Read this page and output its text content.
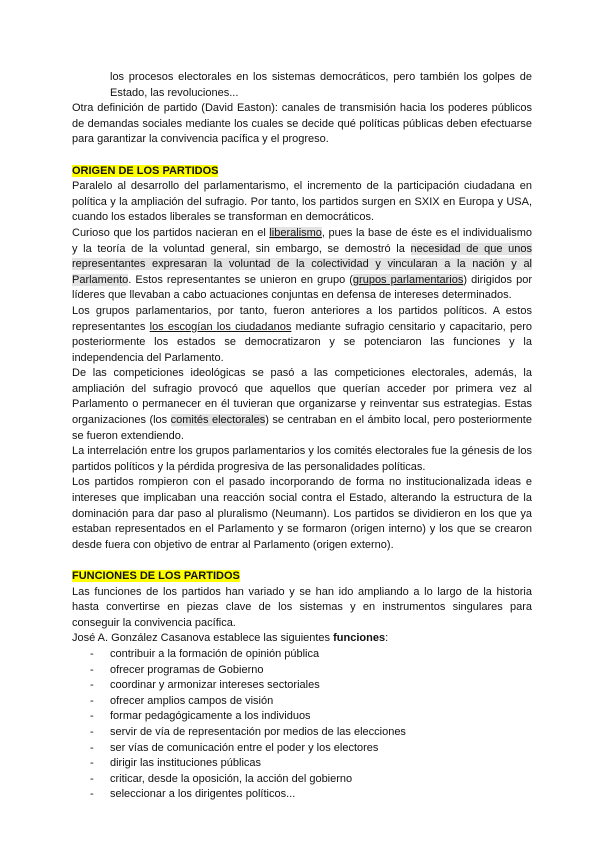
los procesos electorales en los sistemas democráticos, pero también los golpes de Estado, las revoluciones...

Otra definición de partido (David Easton): canales de transmisión hacia los poderes públicos de demandas sociales mediante los cuales se decide qué políticas públicas deben efectuarse para garantizar la convivencia pacífica y el progreso.

ORIGEN DE LOS PARTIDOS

Paralelo al desarrollo del parlamentarismo, el incremento de la participación ciudadana en política y la ampliación del sufragio. Por tanto, los partidos surgen en SXIX en Europa y USA, cuando los estados liberales se transforman en democráticos.

Curioso que los partidos nacieran en el liberalismo, pues la base de éste es el individualismo y la teoría de la voluntad general, sin embargo, se demostró la necesidad de que unos representantes expresaran la voluntad de la colectividad y vincularan a la nación y al Parlamento. Estos representantes se unieron en grupo (grupos parlamentarios) dirigidos por líderes que llevaban a cabo actuaciones conjuntas en defensa de intereses determinados.

Los grupos parlamentarios, por tanto, fueron anteriores a los partidos políticos. A estos representantes los escogían los ciudadanos mediante sufragio censitario y capacitario, pero posteriormente los estados se democratizaron y se potenciaron las funciones y la independencia del Parlamento.

De las competiciones ideológicas se pasó a las competiciones electorales, además, la ampliación del sufragio provocó que aquellos que querían acceder por primera vez al Parlamento o permanecer en él tuvieran que organizarse y reinventar sus estrategias. Estas organizaciones (los comités electorales) se centraban en el ámbito local, pero posteriormente se fueron extendiendo.

La interrelación entre los grupos parlamentarios y los comités electorales fue la génesis de los partidos políticos y la pérdida progresiva de las personalidades políticas.

Los partidos rompieron con el pasado incorporando de forma no institucionalizada ideas e intereses que implicaban una reacción social contra el Estado, alterando la estructura de la dominación para dar paso al pluralismo (Neumann). Los partidos se dividieron en los que ya estaban representados en el Parlamento y se formaron (origen interno) y los que se crearon desde fuera con objetivo de entrar al Parlamento (origen externo).

FUNCIONES DE LOS PARTIDOS

Las funciones de los partidos han variado y se han ido ampliando a lo largo de la historia hasta convertirse en piezas clave de los sistemas y en instrumentos singulares para conseguir la convivencia pacífica.

José A. González Casanova establece las siguientes funciones:

- contribuir a la formación de opinión pública
- ofrecer programas de Gobierno
- coordinar y armonizar intereses sectoriales
- ofrecer amplios campos de visión
- formar pedagógicamente a los individuos
- servir de vía de representación por medios de las elecciones
- ser vías de comunicación entre el poder y los electores
- dirigir las instituciones públicas
- criticar, desde la oposición, la acción del gobierno
- seleccionar a los dirigentes políticos...
